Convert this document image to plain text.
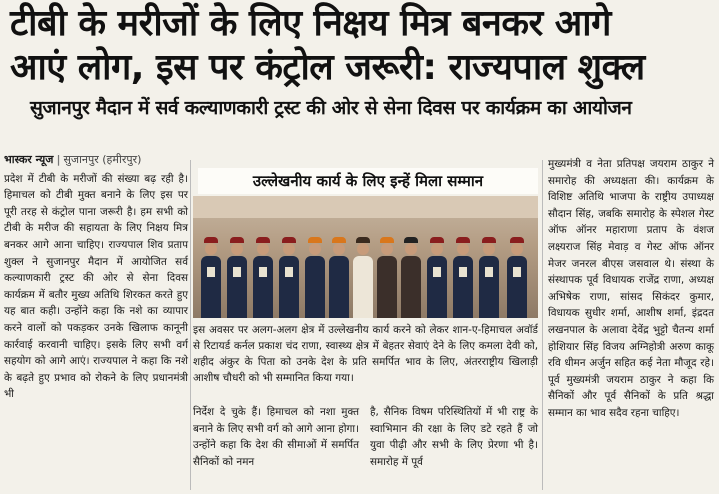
टीबी के मरीजों के लिए निक्षय मित्र बनकर आगे
आएं लोग, इस पर कंट्रोल जरूरी: राज्यपाल शुक्ल
सुजानपुर मैदान में सर्व कल्याणकारी ट्रस्ट की ओर से सेना दिवस पर कार्यक्रम का आयोजन
भास्कर न्यूज | सुजानपुर (हमीरपुर)

प्रदेश में टीबी के मरीजों की संख्या बढ़ रही है। हिमाचल को टीबी मुक्त बनाने के लिए इस पर पूरी तरह से कंट्रोल पाना जरूरी है। हम सभी को टीबी के मरीज की सहायता के लिए निक्षय मित्र बनकर आगे आना चाहिए। राज्यपाल शिव प्रताप शुक्ल ने सुजानपुर मैदान में आयोजित सर्व कल्याणकारी ट्रस्ट की ओर से सेना दिवस कार्यक्रम में बतौर मुख्य अतिथि शिरकत करते हुए यह बात कही। उन्होंने कहा कि नशे का व्यापार करने वालों को पकड़कर उनके खिलाफ कानूनी कार्रवाई करवानी चाहिए। इसके लिए सभी वर्ग सहयोग को आगे आएं। राज्यपाल ने कहा कि नशे के बढ़ते हुए प्रभाव को रोकने के लिए प्रधानमंत्री भी

उल्लेखनीय कार्य के लिए इन्हें मिला सम्मान
इस अवसर पर अलग-अलग क्षेत्र में उल्लेखनीय कार्य करने को लेकर शान-ए-हिमाचल अवॉर्ड से रिटायर्ड कर्नल प्रकाश चंद राणा, स्वास्थ्य क्षेत्र में बेहतर सेवाएं देने के लिए कमला देवी को, शहीद अंकुर के पिता को उनके देश के प्रति समर्पित भाव के लिए, अंतरराष्ट्रीय खिलाड़ी आशीष चौधरी को भी सम्मानित किया गया।

निर्देश दे चुके हैं। हिमाचल को नशा मुक्त बनाने के लिए सभी वर्ग को आगे आना होगा। उन्होंने कहा कि देश की सीमाओं में समर्पित सैनिकों को नमन

है, सैनिक विषम परिस्थितियों में भी राष्ट्र के स्वाभिमान की रक्षा के लिए डटे रहते हैं जो युवा पीढ़ी और सभी के लिए प्रेरणा भी है। समारोह में पूर्व

मुख्यमंत्री व नेता प्रतिपक्ष जयराम ठाकुर ने समारोह की अध्यक्षता की। कार्यक्रम के विशिष्ट अतिथि भाजपा के राष्ट्रीय उपाध्यक्ष सौदान सिंह, जबकि समारोह के स्पेशल गेस्ट ऑफ ऑनर महाराणा प्रताप के वंशज लक्ष्यराज सिंह मेवाड़ व गेस्ट ऑफ ऑनर मेजर जनरल बीएस जसवाल थे। संस्था के संस्थापक पूर्व विधायक राजेंद्र राणा, अध्यक्ष अभिषेक राणा, सांसद सिकंदर कुमार, विधायक सुधीर शर्मा, आशीष शर्मा, इंद्रदत लखनपाल के अलावा देवेंद्र भुट्टो चैतन्य शर्मा होशियार सिंह विजय अग्निहोत्री अरुण काकू रवि धीमन अर्जुन सहित कई नेता मौजूद रहे। पूर्व मुख्यमंत्री जयराम ठाकुर ने कहा कि सैनिकों और पूर्व सैनिकों के प्रति श्रद्धा सम्मान का भाव सदैव रहना चाहिए।
